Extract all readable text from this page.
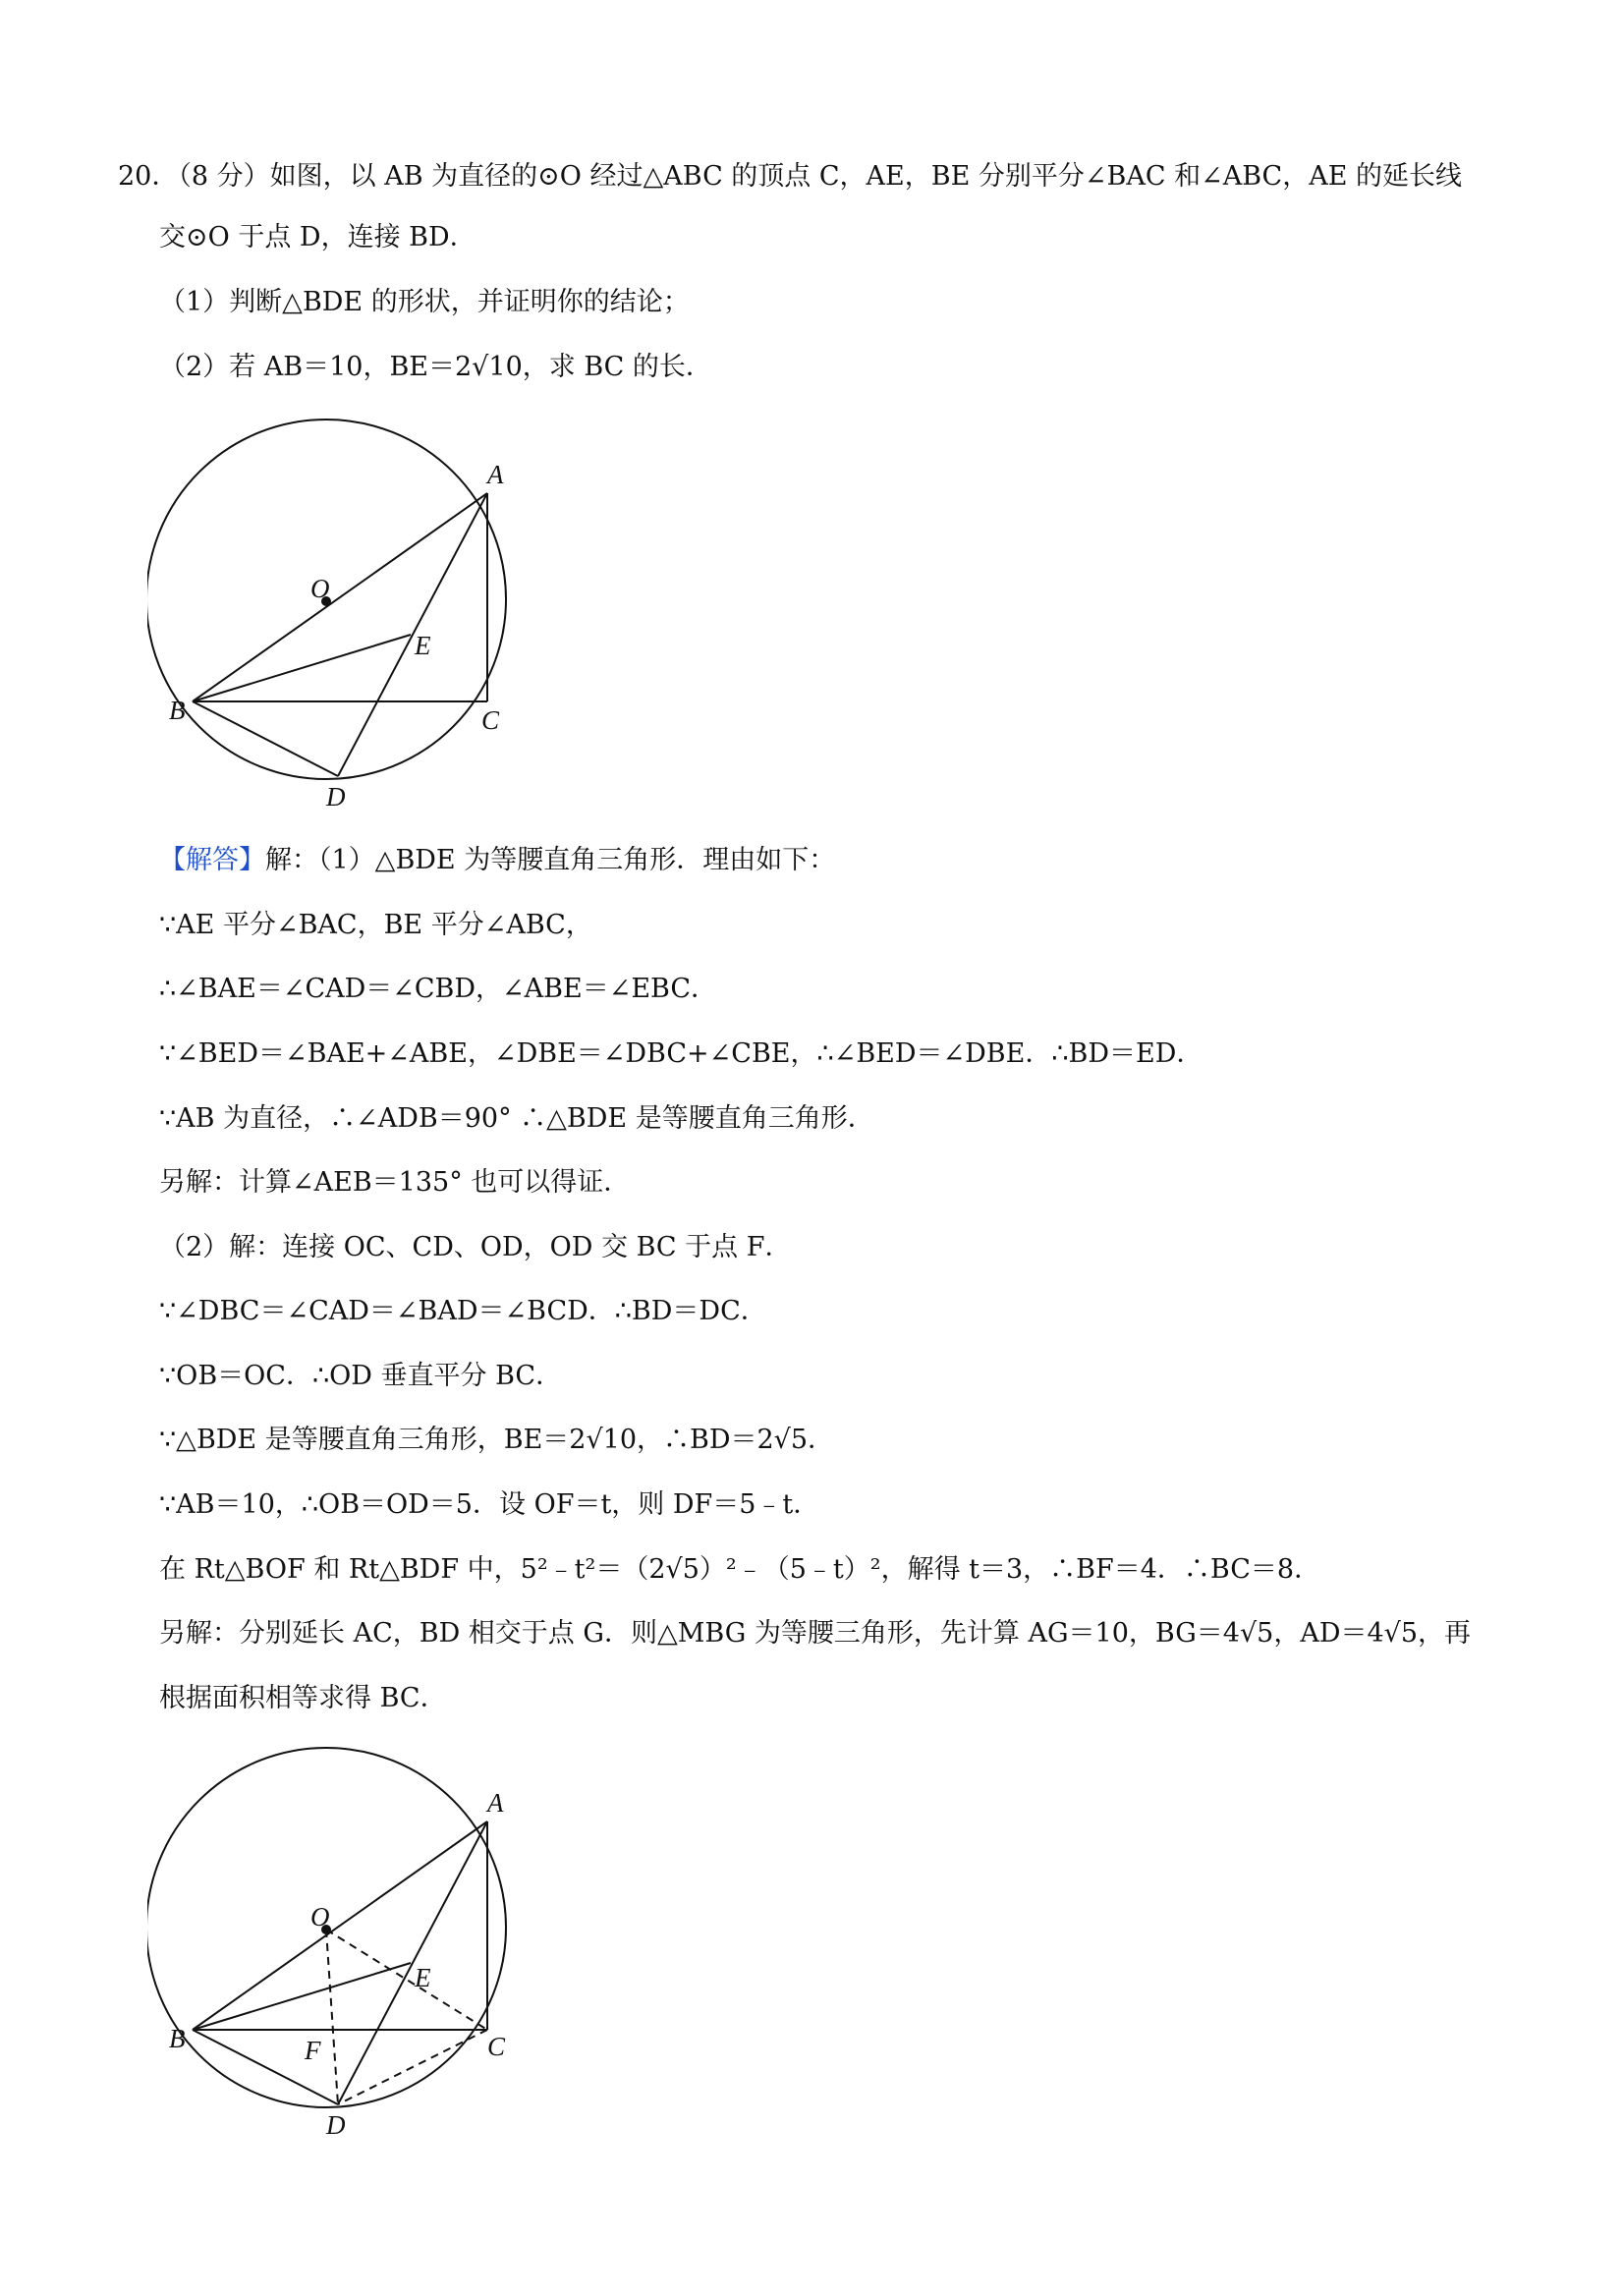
20．（8 分）如图，以 AB 为直径的⊙O 经过△ABC 的顶点 C，AE，BE 分别平分∠BAC 和∠ABC，AE 的延长线
交⊙O 于点 D，连接 BD．
（1）判断△BDE 的形状，并证明你的结论；
（2）若 AB＝10，BE＝2√10，求 BC 的长．
A
O
E
B	C
D
【解答】解：（1）△BDE 为等腰直角三角形．理由如下：
∵AE 平分∠BAC，BE 平分∠ABC，
∴∠BAE＝∠CAD＝∠CBD，∠ABE＝∠EBC．
∵∠BED＝∠BAE+∠ABE，∠DBE＝∠DBC+∠CBE，∴∠BED＝∠DBE．∴BD＝ED．
∵AB 为直径，∴∠ADB＝90° ∴△BDE 是等腰直角三角形．
另解：计算∠AEB＝135° 也可以得证．
（2）解：连接 OC、CD、OD，OD 交 BC 于点 F．
∵∠DBC＝∠CAD＝∠BAD＝∠BCD．∴BD＝DC．
∵OB＝OC．∴OD 垂直平分 BC．
∵△BDE 是等腰直角三角形，BE＝2√10，∴BD＝2√5．
∵AB＝10，∴OB＝OD＝5．设 OF＝t，则 DF＝5﹣t．
在 Rt△BOF 和 Rt△BDF 中，5²﹣t²＝（2√5）²﹣（5﹣t）²，解得 t＝3，∴BF＝4．∴BC＝8．
另解：分别延长 AC，BD 相交于点 G．则△MBG 为等腰三角形，先计算 AG＝10，BG＝4√5，AD＝4√5，再
根据面积相等求得 BC．
A
O
E
B	F	C
D
